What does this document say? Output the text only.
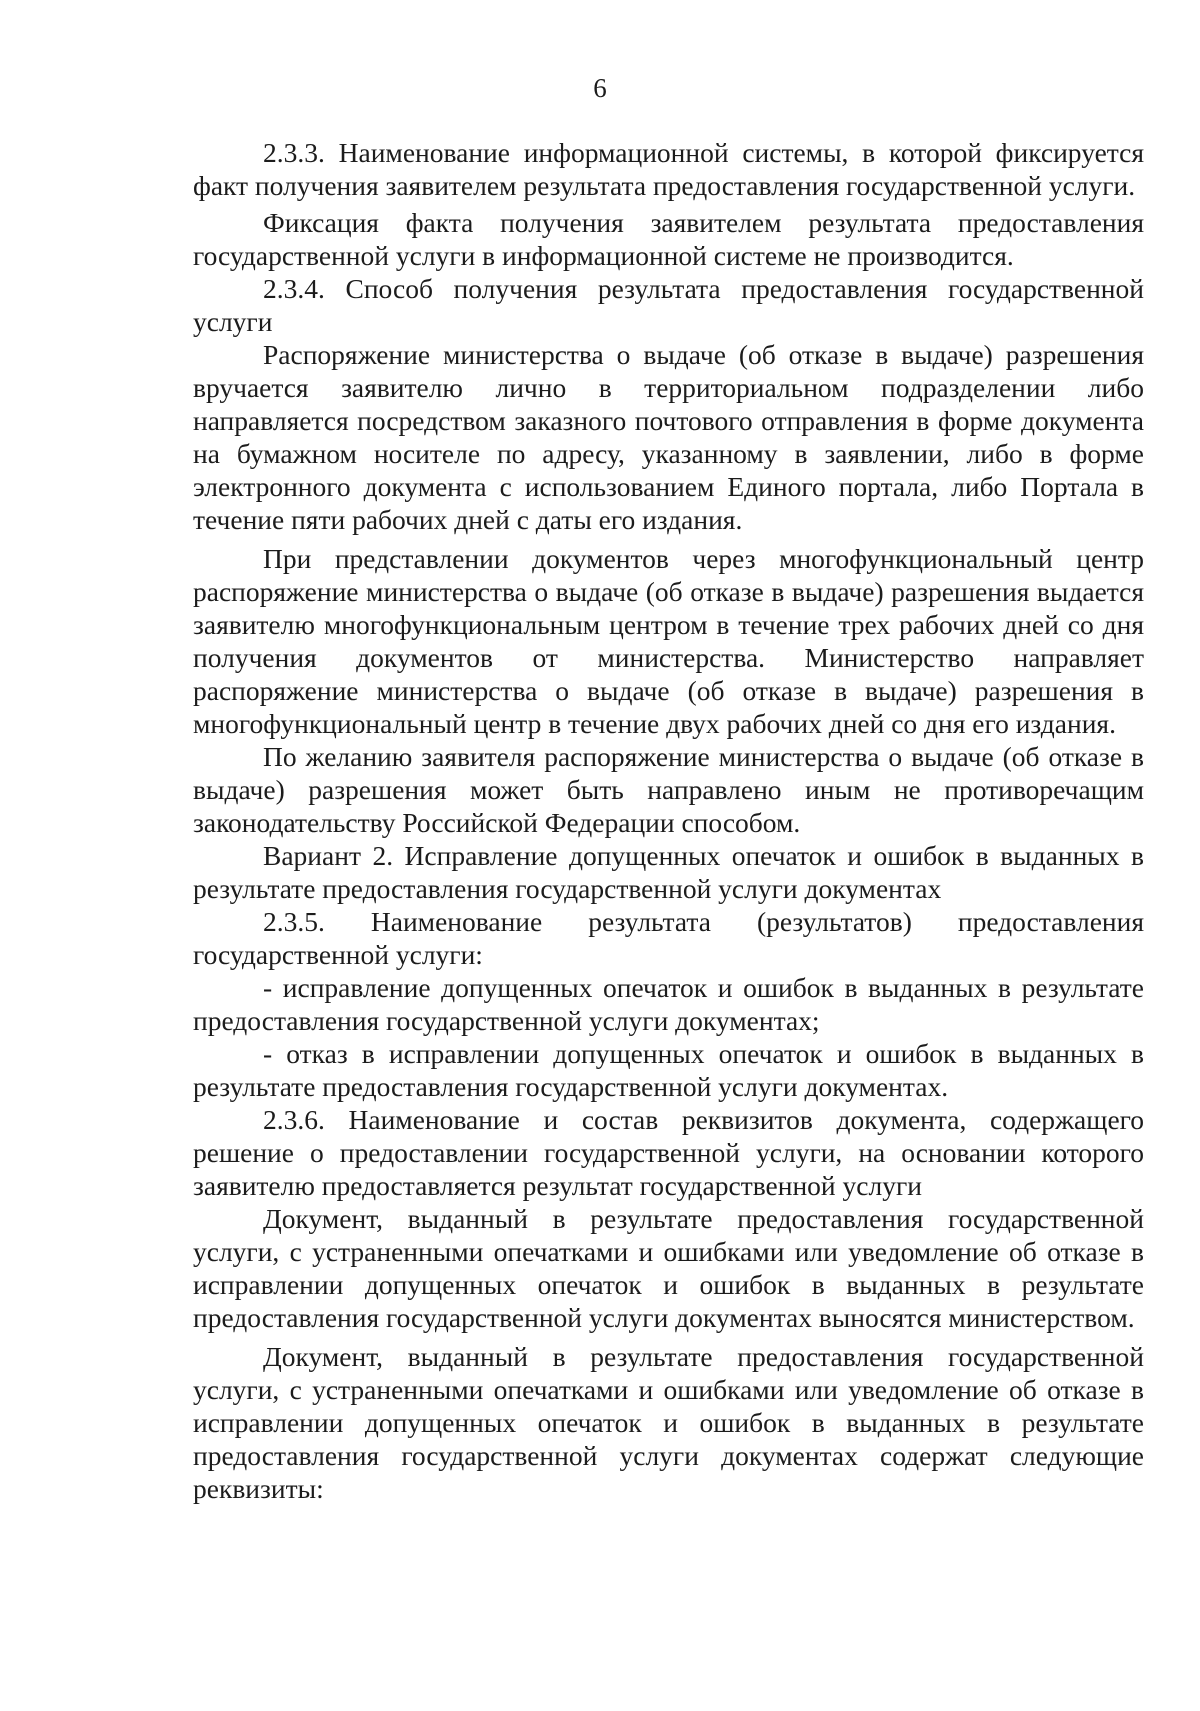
6

2.3.3. Наименование информационной системы, в которой фиксируется факт получения заявителем результата предоставления государственной услуги.

Фиксация факта получения заявителем результата предоставления государственной услуги в информационной системе не производится.

2.3.4. Способ получения результата предоставления государственной услуги

Распоряжение министерства о выдаче (об отказе в выдаче) разрешения вручается заявителю лично в территориальном подразделении либо направляется посредством заказного почтового отправления в форме документа на бумажном носителе по адресу, указанному в заявлении, либо в форме электронного документа с использованием Единого портала, либо Портала в течение пяти рабочих дней с даты его издания.

При представлении документов через многофункциональный центр распоряжение министерства о выдаче (об отказе в выдаче) разрешения выдается заявителю многофункциональным центром в течение трех рабочих дней со дня получения документов от министерства. Министерство направляет распоряжение министерства о выдаче (об отказе в выдаче) разрешения в многофункциональный центр в течение двух рабочих дней со дня его издания.

По желанию заявителя распоряжение министерства о выдаче (об отказе в выдаче) разрешения может быть направлено иным не противоречащим законодательству Российской Федерации способом.

Вариант 2. Исправление допущенных опечаток и ошибок в выданных в результате предоставления государственной услуги документах

2.3.5. Наименование результата (результатов) предоставления государственной услуги:

- исправление допущенных опечаток и ошибок в выданных в результате предоставления государственной услуги документах;

- отказ в исправлении допущенных опечаток и ошибок в выданных в результате предоставления государственной услуги документах.

2.3.6. Наименование и состав реквизитов документа, содержащего решение о предоставлении государственной услуги, на основании которого заявителю предоставляется результат государственной услуги

Документ, выданный в результате предоставления государственной услуги, с устраненными опечатками и ошибками или уведомление об отказе в исправлении допущенных опечаток и ошибок в выданных в результате предоставления государственной услуги документах выносятся министерством.

Документ, выданный в результате предоставления государственной услуги, с устраненными опечатками и ошибками или уведомление об отказе в исправлении допущенных опечаток и ошибок в выданных в результате предоставления государственной услуги документах содержат следующие реквизиты:
